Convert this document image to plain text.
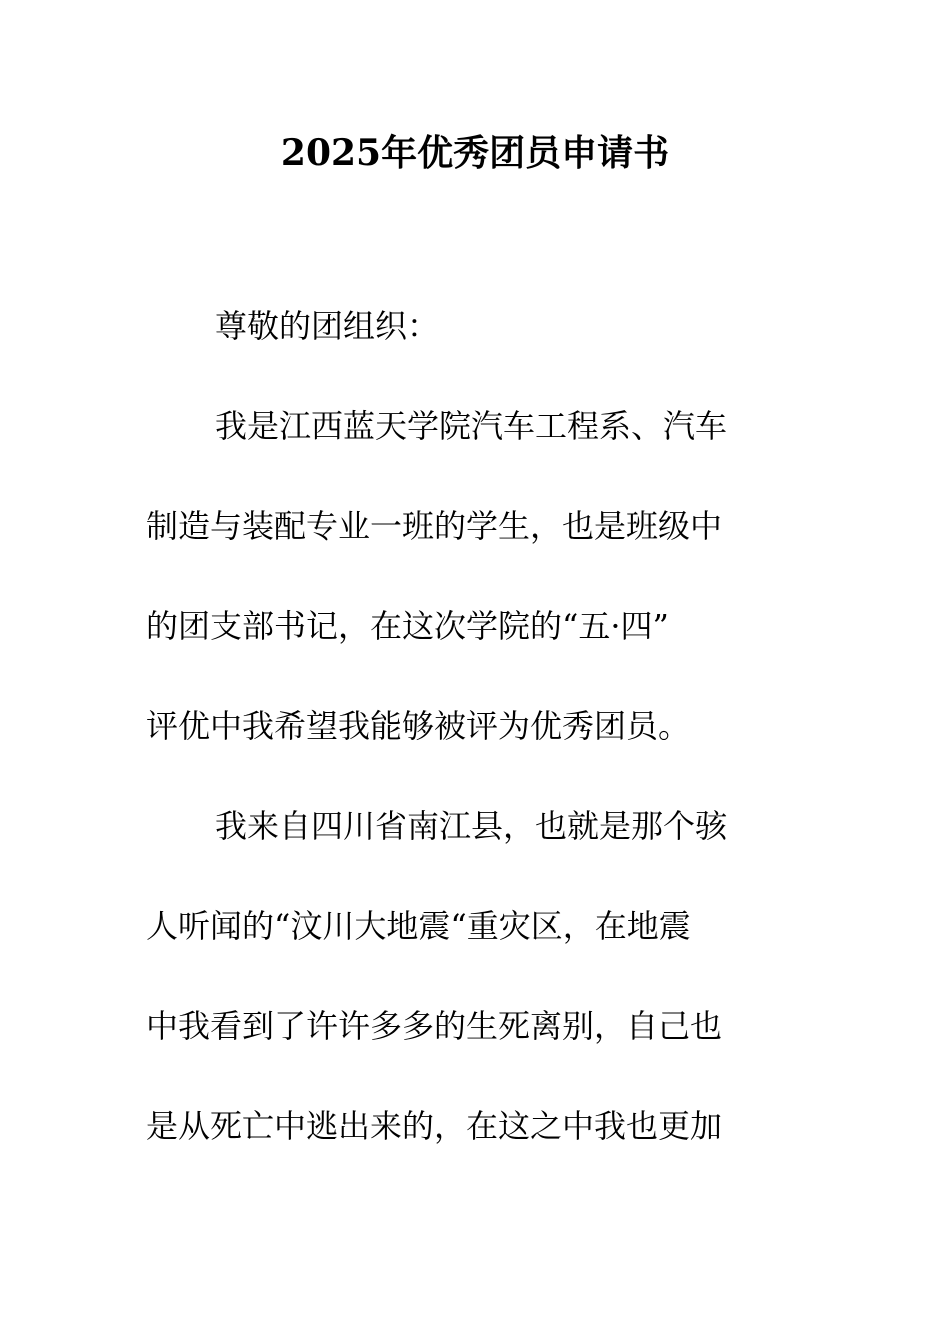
2025年优秀团员申请书
尊敬的团组织：
我是江西蓝天学院汽车工程系、汽车
制造与装配专业一班的学生，也是班级中
的团支部书记，在这次学院的“五·四”
评优中我希望我能够被评为优秀团员。
我来自四川省南江县，也就是那个骇
人听闻的“汶川大地震“重灾区，在地震
中我看到了许许多多的生死离别，自己也
是从死亡中逃出来的，在这之中我也更加
